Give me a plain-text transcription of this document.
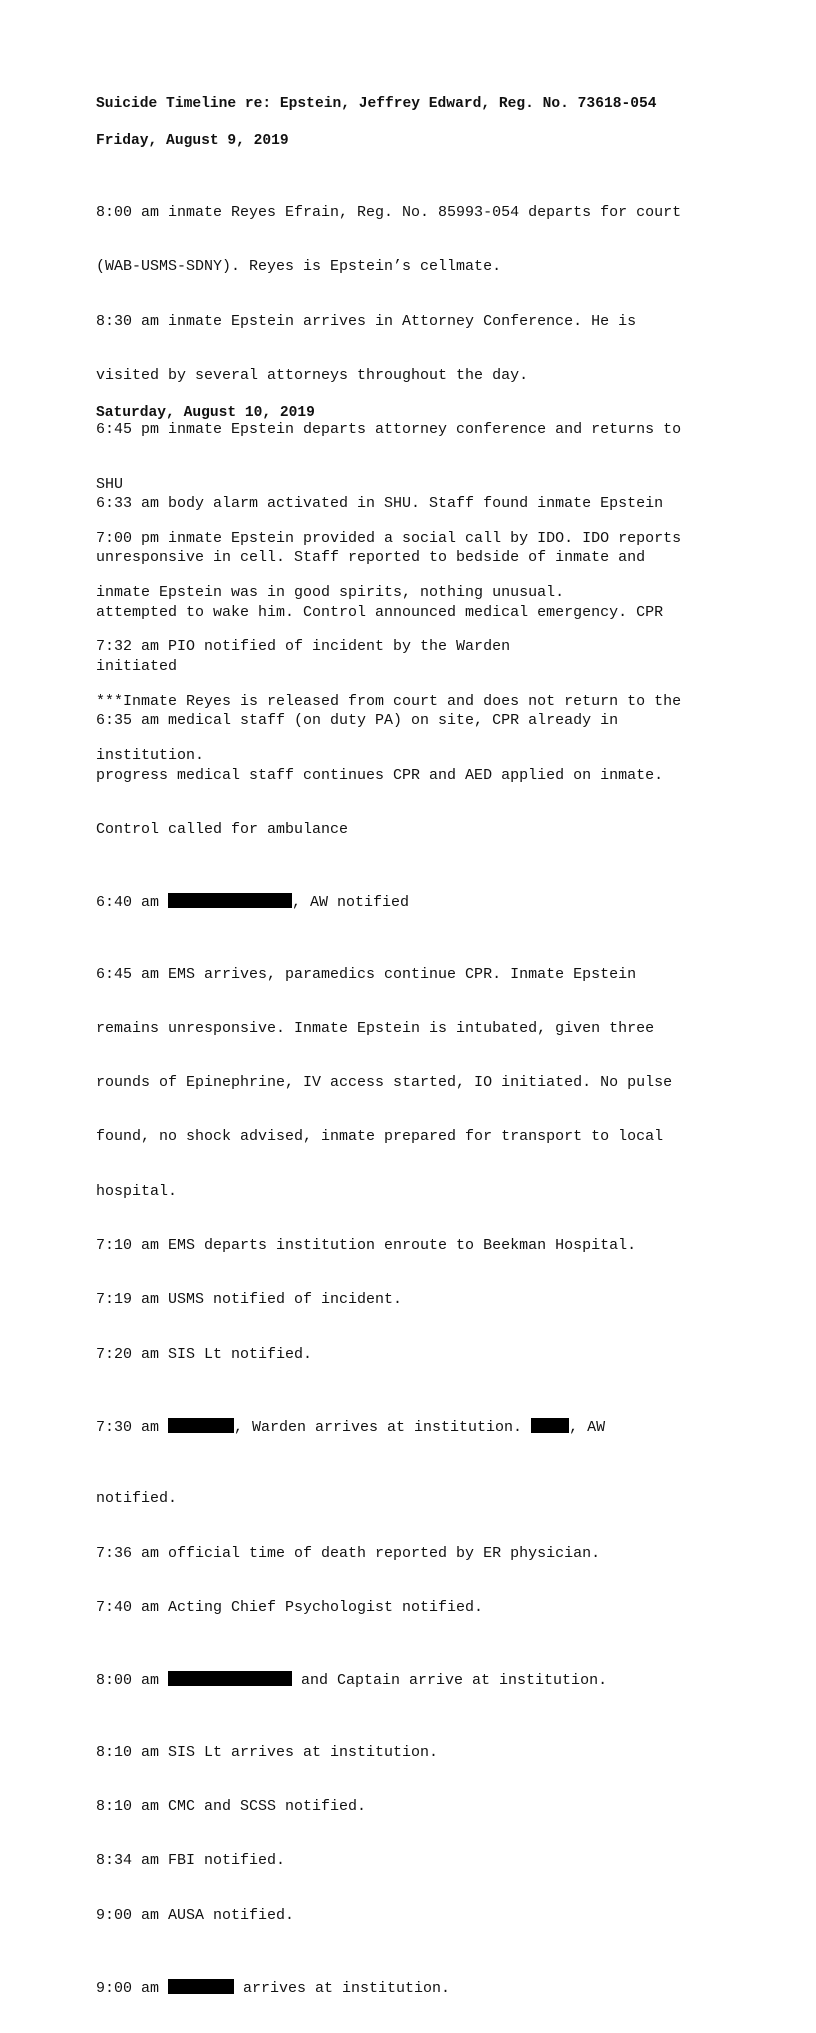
Suicide Timeline re: Epstein, Jeffrey Edward, Reg. No. 73618-054
Friday, August 9, 2019

8:00 am inmate Reyes Efrain, Reg. No. 85993-054 departs for court

(WAB-USMS-SDNY). Reyes is Epstein’s cellmate.

8:30 am inmate Epstein arrives in Attorney Conference. He is

visited by several attorneys throughout the day.

6:45 pm inmate Epstein departs attorney conference and returns to

SHU

7:00 pm inmate Epstein provided a social call by IDO. IDO reports

inmate Epstein was in good spirits, nothing unusual.

7:32 am PIO notified of incident by the Warden

***Inmate Reyes is released from court and does not return to the

institution.

Saturday, August 10, 2019

6:33 am body alarm activated in SHU. Staff found inmate Epstein

unresponsive in cell. Staff reported to bedside of inmate and

attempted to wake him. Control announced medical emergency. CPR

initiated

6:35 am medical staff (on duty PA) on site, CPR already in

progress medical staff continues CPR and AED applied on inmate.

Control called for ambulance

6:40 am	, AW notified

6:45 am EMS arrives, paramedics continue CPR. Inmate Epstein

remains unresponsive. Inmate Epstein is intubated, given three

rounds of Epinephrine, IV access started, IO initiated. No pulse

found, no shock advised, inmate prepared for transport to local

hospital.

7:10 am EMS departs institution enroute to Beekman Hospital.

7:19 am USMS notified of incident.

7:20 am SIS Lt notified.

7:30 am	, Warden arrives at institution.	, AW

notified.

7:36 am official time of death reported by ER physician.

7:40 am Acting Chief Psychologist notified.

8:00 am	and Captain arrive at institution.

8:10 am SIS Lt arrives at institution.

8:10 am CMC and SCSS notified.

8:34 am FBI notified.

9:00 am AUSA notified.

9:00 am	arrives at institution.
